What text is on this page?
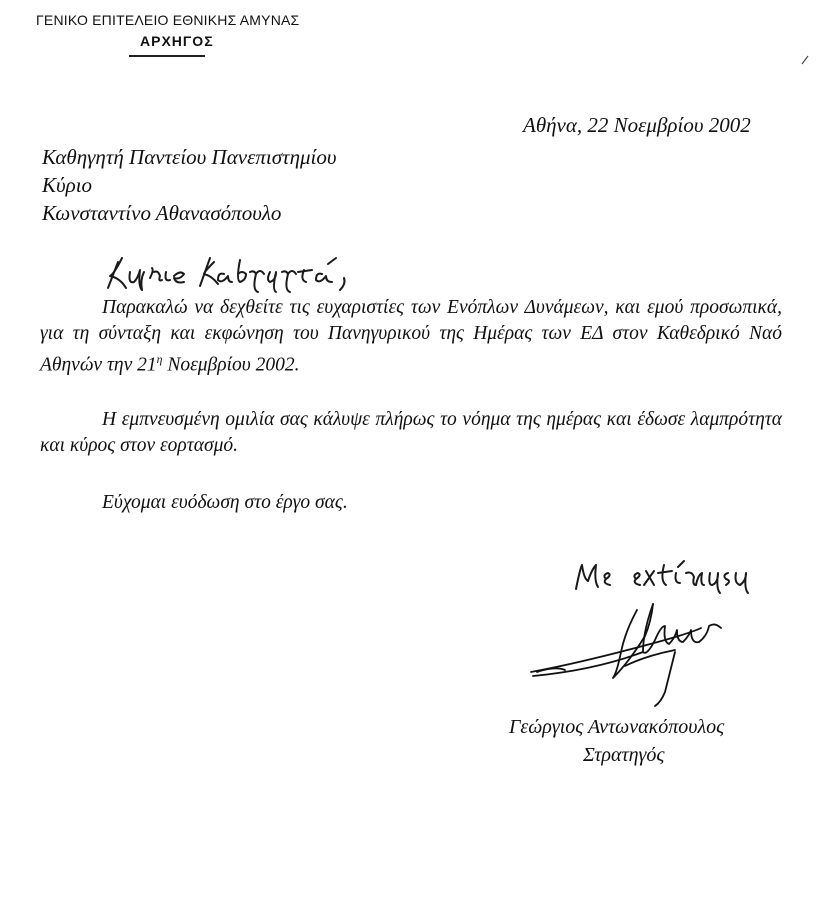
ΓΕΝΙΚΟ ΕΠΙΤΕΛΕΙΟ ΕΘΝΙΚΗΣ ΑΜΥΝΑΣ
ΑΡΧΗΓΟΣ
Αθήνα, 22 Νοεμβρίου 2002
Καθηγητή Παντείου Πανεπιστημίου
Κύριο
Κωνσταντίνο Αθανασόπουλο

Παρακαλώ να δεχθείτε τις ευχαριστίες των Ενόπλων Δυνάμεων, και εμού προσωπικά, για τη σύνταξη και εκφώνηση του Πανηγυρικού της Ημέρας των ΕΔ στον Καθεδρικό Ναό Αθηνών την $21^\eta$ Νοεμβρίου 2002.

Η εμπνευσμένη ομιλία σας κάλυψε πλήρως το νόημα της ημέρας και έδωσε λαμπρότητα και κύρος στον εορτασμό.

Εύχομαι ευόδωση στο έργο σας.

Γεώργιος Αντωνακόπουλος
Στρατηγός
